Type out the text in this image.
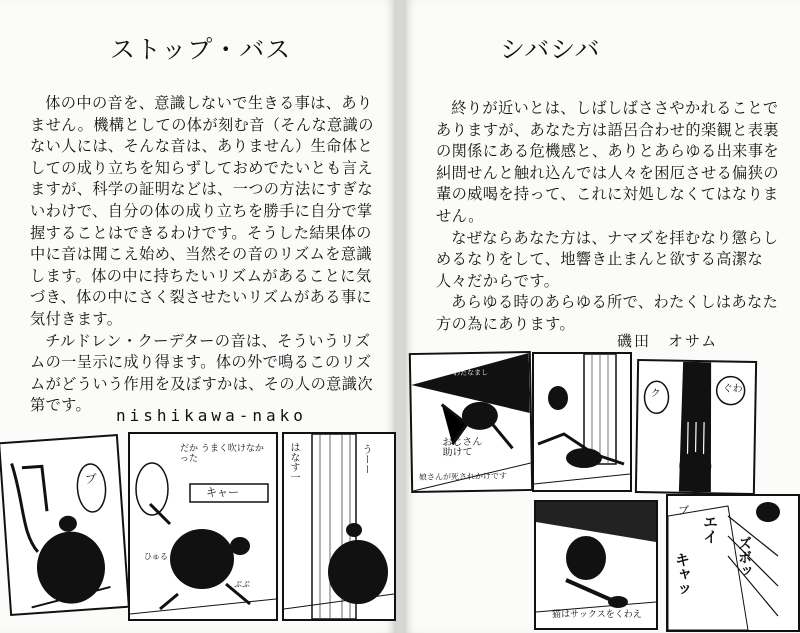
ストップ・バス

体の中の音を、意識しないで生きる事は、ありません。機構としての体が刻む音（そんな意識のない人には、そんな音は、ありません）生命体としての成り立ちを知らずしておめでたいとも言えますが、科学の証明などは、一つの方法にすぎないわけで、自分の体の成り立ちを勝手に自分で掌握することはできるわけです。そうした結果体の中に音は聞こえ始め、当然その音のリズムを意識します。体の中に持ちたいリズムがあることに気づき、体の中にさく裂させたいリズムがある事に気付きます。

チルドレン・クーデターの音は、そういうリズムの一呈示に成り得ます。体の外で鳴るこのリズムがどういう作用を及ぼすかは、その人の意識次第です。

nishikawa-nako
ブ
だか うまく吹けなかった
キャー
ひゅる
ぶぶ
はなす一	うーー
シバシバ

終りが近いとは、しばしばささやかれることでありますが、あなた方は語呂合わせ的楽観と表裏の関係にある危機感と、ありとあらゆる出来事を糾問せんと触れ込んでは人々を困厄させる偏狭の輩の威喝を持って、これに対処しなくてはなりません。

なぜならあなた方は、ナマズを拝むなり懲らしめるなりをして、地響き止まんと欲する高潔な人々だからです。

あらゆる時のあらゆる所で、わたくしはあなた方の為にあります。

磯田　オサム
わたなまし
おじさん助けて
娘さんが死されかけです
ク	ぐわ
猫はサックスをくわえ
ブ
エイ
ズボッ
キャッ
